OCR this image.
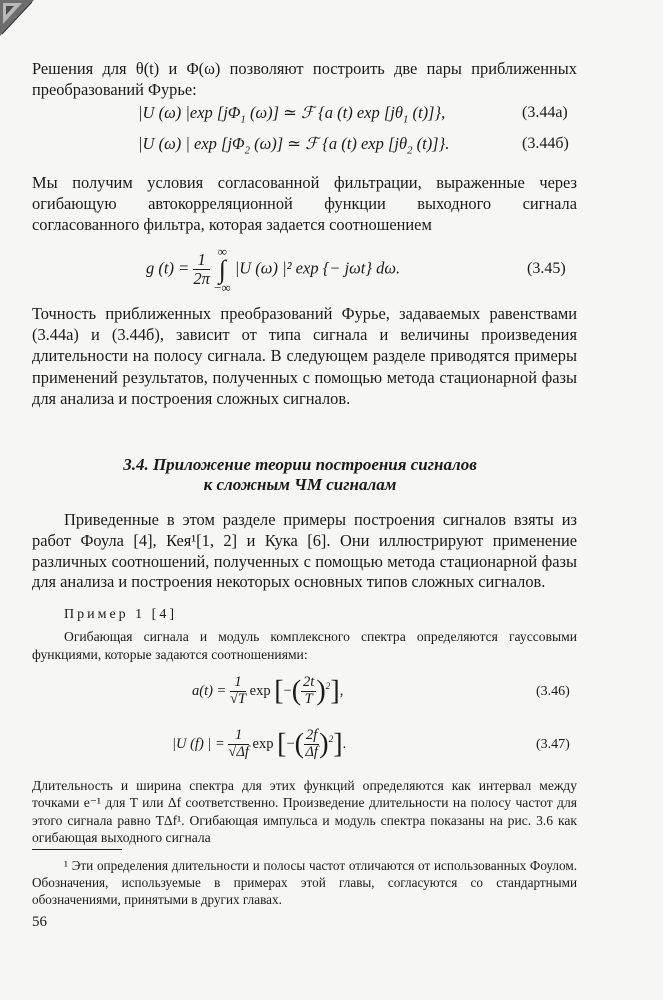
Решения для θ(t) и Φ(ω) позволяют построить две пары приближенных преобразований Фурье:
|U (ω) |exp [$j\Phi_1$ (ω)] ≃ ℱ {a (t) $\exp [j\theta_1$ (t)]},	(3.44а)
|U (ω) | $\exp [j\Phi_2$ (ω)] ≃ ℱ {a (t) $\exp [j\theta_2$ (t)]}.	(3.44б)
Мы получим условия согласованной фильтрации, выраженные через огибающую автокорреляционной функции выходного сигнала согласованного фильтра, которая задается соотношением
g $(t) = \frac{1}{2\pi}$
∞
∫
−∞
|U (ω) |² exp {− jωt} dω.	(3.45)
Точность приближенных преобразований Фурье, задаваемых равенствами (3.44а) и (3.44б), зависит от типа сигнала и величины произведения длительности на полосу сигнала. В следующем разделе приводятся примеры применений результатов, полученных с помощью метода стационарной фазы для анализа и построения сложных сигналов.
3.4. Приложение теории построения сигналов
к сложным ЧМ сигналам
Приведенные в этом разделе примеры построения сигналов взяты из работ Фоула [4], Кея¹[1, 2] и Кука [6]. Они иллюстрируют применение различных соотношений, полученных с помощью метода стационарной фазы для анализа и построения некоторых основных типов сложных сигналов.
Пример 1 [4]
Огибающая сигнала и модуль комплексного спектра определяются гауссовыми функциями, которые задаются соотношениями:
$a(t) = \frac{1}{√T}$ exp [−( $\frac{2t}{T} )^2$],	(3.46)
|U (f) | = $\frac{1}{√\Delta f}$ exp [−( $\frac{2f}{\Delta f} )^2$].	(3.47)
Длительность и ширина спектра для этих функций определяются как интервал между точками e⁻¹ для T или Δf соответственно. Произведение длительности на полосу частот для этого сигнала равно TΔf¹. Огибающая импульса и модуль спектра показаны на рис. 3.6 как огибающая выходного сигнала
¹ Эти определения длительности и полосы частот отличаются от использованных Фоулом. Обозначения, используемые в примерах этой главы, согласуются со стандартными обозначениями, принятыми в других главах.
56
